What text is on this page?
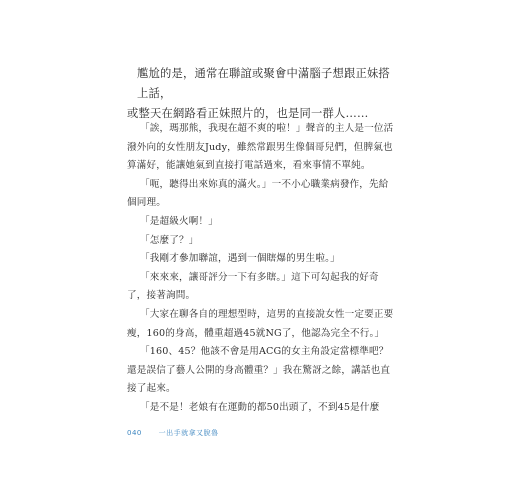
尷尬的是，通常在聯誼或聚會中滿腦子想跟正妹搭上話，

或整天在網路看正妹照片的，也是同一群人……

「誒，瑪那熊，我現在超不爽的啦！」聲音的主人是一位活潑外向的女性朋友Judy，雖然常跟男生像個哥兒們，但脾氣也算滿好，能讓她氣到直接打電話過來，看來事情不單純。

「呃，聽得出來妳真的滿火。」一不小心職業病發作，先給個同理。

「是超級火啊！」

「怎麼了？」

「我剛才參加聯誼，遇到一個瞎爆的男生啦。」

「來來來，讓哥評分一下有多瞎。」這下可勾起我的好奇了，接著詢問。

「大家在聊各自的理想型時，這男的直接說女性一定要正要瘦，160的身高，體重超過45就NG了，他認為完全不行。」

「160、45？他該不會是用ACG的女主角設定當標準吧？還是誤信了藝人公開的身高體重？」我在驚訝之餘，講話也直接了起來。

「是不是！老娘有在運動的都50出頭了，不到45是什麼

040 一出手就拿又脫魯
